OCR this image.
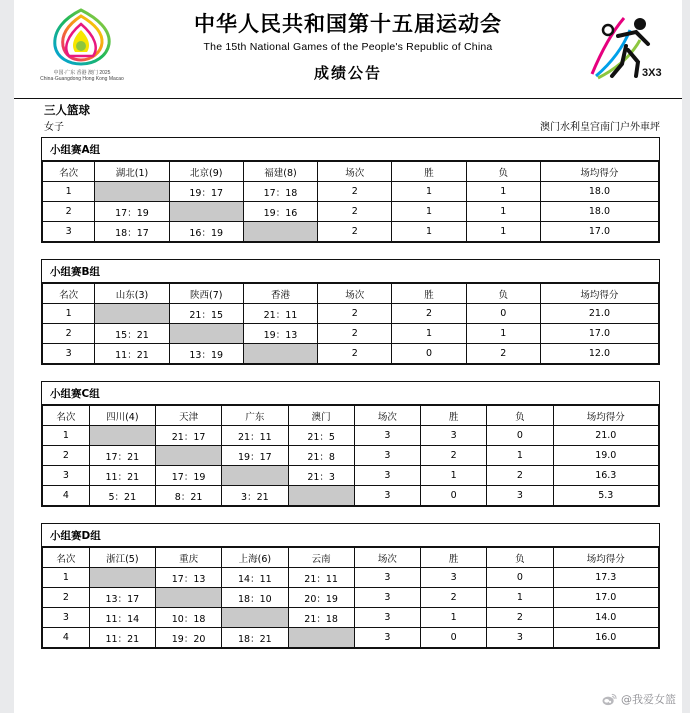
中国·广东 香港 澳门 2025
China·Guangdong Hong Kong Macao
中华人民共和国第十五届运动会
The 15th National Games of the People's Republic of China
成绩公告	3X3
三人篮球
女子	澳门水利皇宫南门户外車坪
小组赛A组
名次	湖北(1)	北京(9)	福建(8)	场次	胜	负	场均得分
1		19：17	17：18	2	1	1	18.0
2	17：19		19：16	2	1	1	18.0
3	18：17	16：19		2	1	1	17.0
小组赛B组
名次	山东(3)	陕西(7)	香港	场次	胜	负	场均得分
1		21：15	21：11	2	2	0	21.0
2	15：21		19：13	2	1	1	17.0
3	11：21	13：19		2	0	2	12.0
小组赛C组
名次	四川(4)	天津	广东	澳门	场次	胜	负	场均得分
1		21：17	21：11	21：5	3	3	0	21.0
2	17：21		19：17	21：8	3	2	1	19.0
3	11：21	17：19		21：3	3	1	2	16.3
4	5：21	8：21	3：21		3	0	3	5.3
小组赛D组
名次	浙江(5)	重庆	上海(6)	云南	场次	胜	负	场均得分
1		17：13	14：11	21：11	3	3	0	17.3
2	13：17		18：10	20：19	3	2	1	17.0
3	11：14	10：18		21：18	3	1	2	14.0
4	11：21	19：20	18：21		3	0	3	16.0
@我爱女篮
